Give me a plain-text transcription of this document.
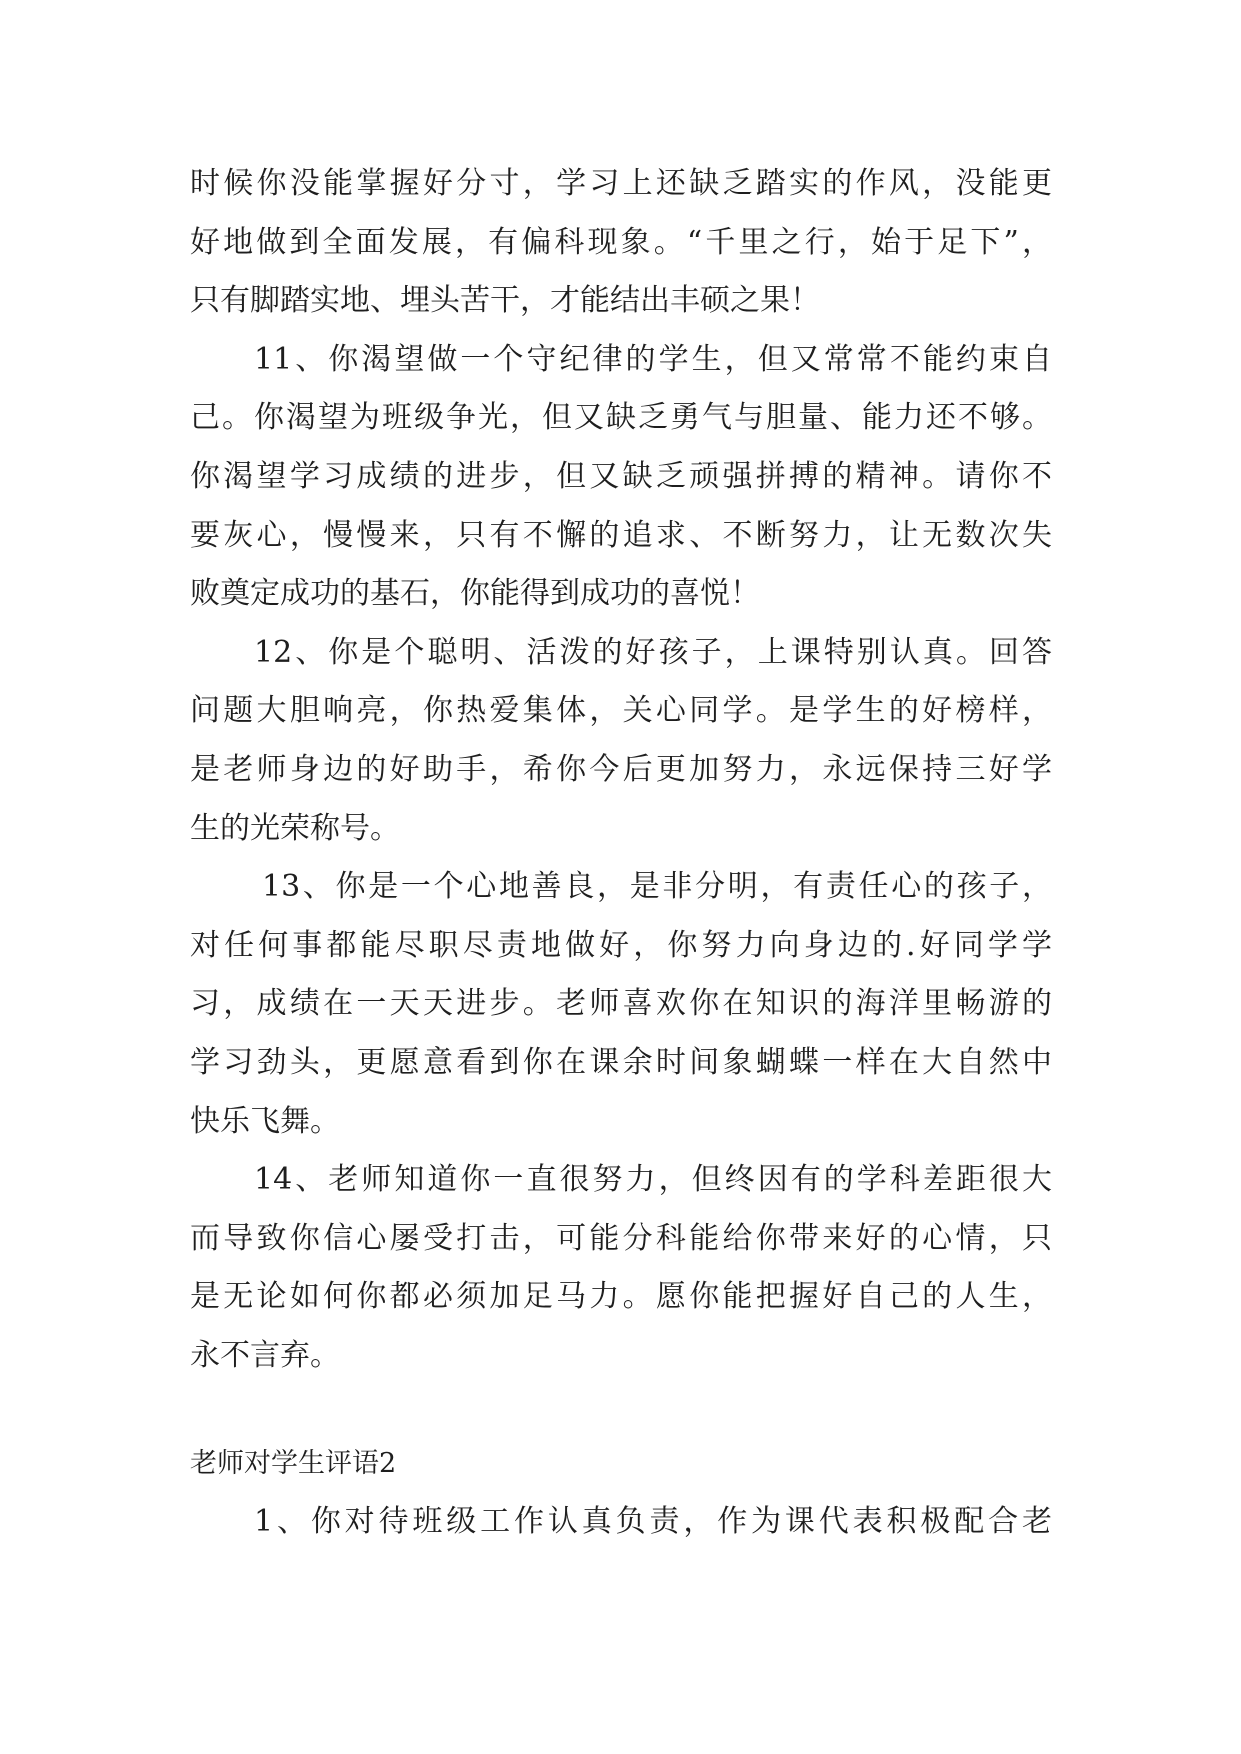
时候你没能掌握好分寸，学习上还缺乏踏实的作风，没能更
好地做到全面发展，有偏科现象。“千里之行，始于足下”，
只有脚踏实地、埋头苦干，才能结出丰硕之果！
11、你渴望做一个守纪律的学生，但又常常不能约束自
己。你渴望为班级争光，但又缺乏勇气与胆量、能力还不够。
你渴望学习成绩的进步，但又缺乏顽强拼搏的精神。请你不
要灰心，慢慢来，只有不懈的追求、不断努力，让无数次失
败奠定成功的基石，你能得到成功的喜悦！
12、你是个聪明、活泼的好孩子，上课特别认真。回答
问题大胆响亮，你热爱集体，关心同学。是学生的好榜样，
是老师身边的好助手，希你今后更加努力，永远保持三好学
生的光荣称号。
13、你是一个心地善良，是非分明，有责任心的孩子，
对任何事都能尽职尽责地做好，你努力向身边的.好同学学
习，成绩在一天天进步。老师喜欢你在知识的海洋里畅游的
学习劲头，更愿意看到你在课余时间象蝴蝶一样在大自然中
快乐飞舞。
14、老师知道你一直很努力，但终因有的学科差距很大
而导致你信心屡受打击，可能分科能给你带来好的心情，只
是无论如何你都必须加足马力。愿你能把握好自己的人生，
永不言弃。
老师对学生评语2
1、你对待班级工作认真负责，作为课代表积极配合老
